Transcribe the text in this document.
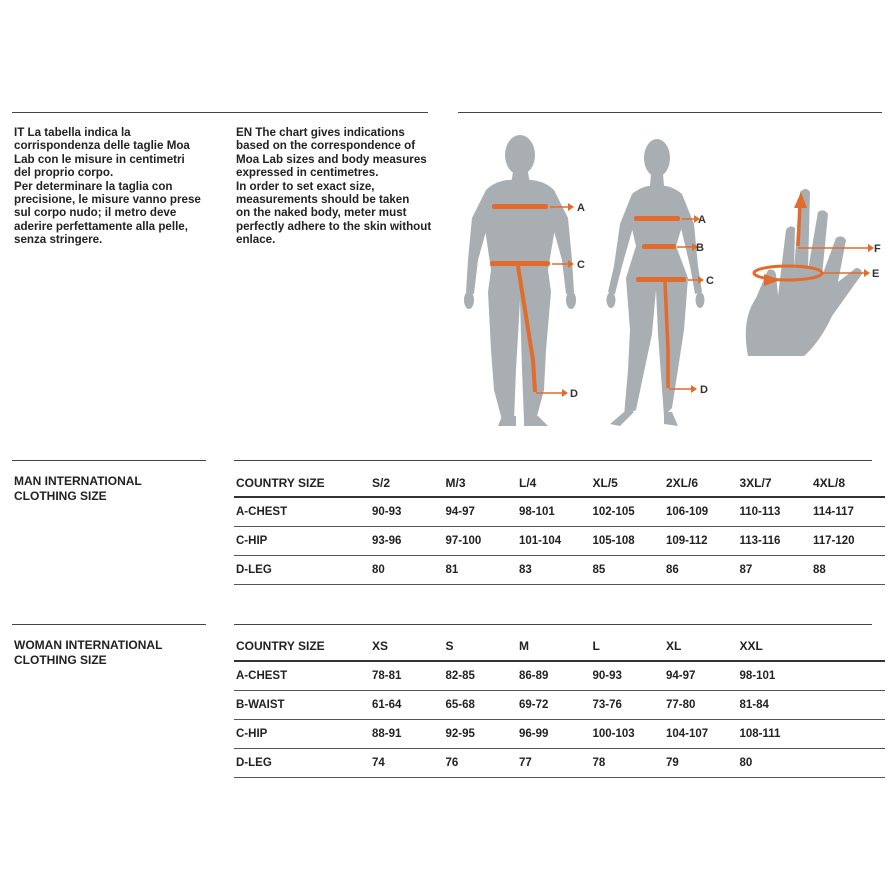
IT La tabella indica la

corrispondenza delle taglie Moa

Lab con le misure in centimetri

del proprio corpo.

Per determinare la taglia con

precisione, le misure vanno prese

sul corpo nudo; il metro deve

aderire perfettamente alla pelle,

senza stringere.

EN The chart gives indications

based on the correspondence of

Moa Lab sizes and body measures

expressed in centimetres.

In order to set exact size,

measurements should be taken

on the naked body, meter must

perfectly adhere to the skin without

enlace.

A
C
D
A
B
C
D
F
E
MAN INTERNATIONAL
CLOTHING SIZE
COUNTRY SIZE	S/2	M/3	L/4	XL/5	2XL/6	3XL/7	4XL/8
A-CHEST	90-93	94-97	98-101	102-105	106-109	110-113	114-117
C-HIP	93-96	97-100	101-104	105-108	109-112	113-116	117-120
D-LEG	80	81	83	85	86	87	88
WOMAN INTERNATIONAL
CLOTHING SIZE
COUNTRY SIZE	XS	S	M	L	XL	XXL	
A-CHEST	78-81	82-85	86-89	90-93	94-97	98-101	
B-WAIST	61-64	65-68	69-72	73-76	77-80	81-84	
C-HIP	88-91	92-95	96-99	100-103	104-107	108-111	
D-LEG	74	76	77	78	79	80	
